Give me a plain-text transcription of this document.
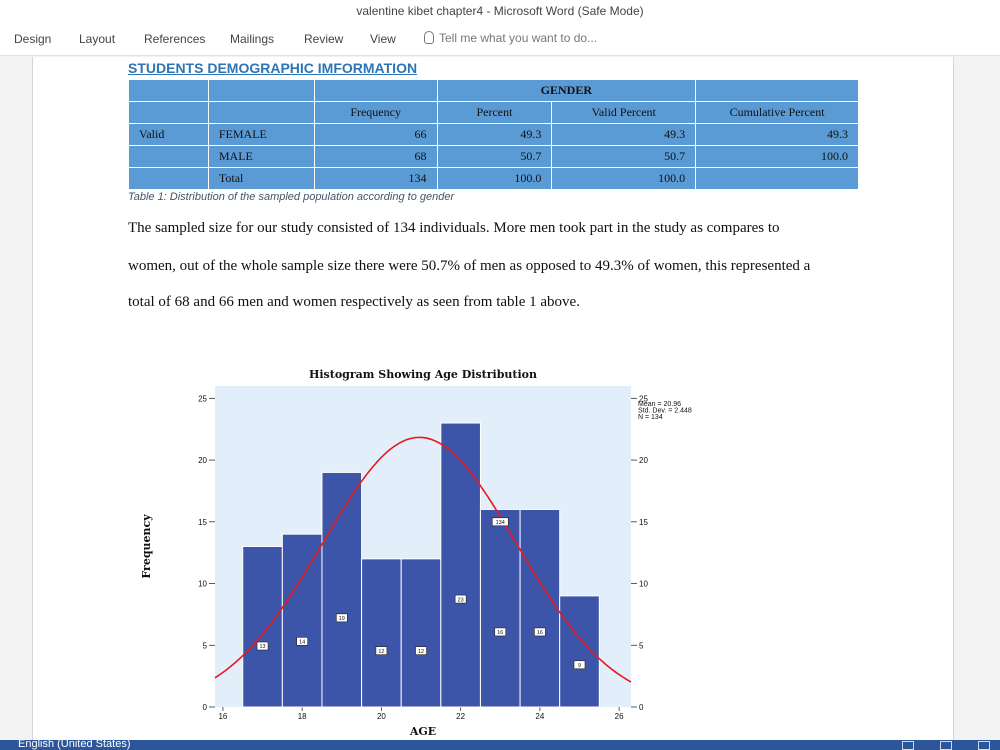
valentine kibet chapter4 - Microsoft Word (Safe Mode)
Design Layout References Mailings Review View	Tell me what you want to do...
STUDENTS DEMOGRAPHIC IMFORMATION
			GENDER		
		Frequency	Percent	Valid Percent	Cumulative Percent
Valid	FEMALE	66	49.3	49.3	49.3
	MALE	68	50.7	50.7	100.0
	Total	134	100.0	100.0	
Table 1: Distribution of the sampled population according to gender
The sampled size for our study consisted of 134 individuals. More men took part in the study as compares to
women, out of the whole sample size there were 50.7% of men as opposed to 49.3% of women, this represented a
total of 68 and 66 men and women respectively as seen from table 1 above.
Histogram Showing Age Distribution
0	0
5	5
10	10
15	15
20	20
25	25
16	18	20	22	24	26
13
14
19
12	12
23
16	16
9
134
AGE
Frequency
Mean = 20.96
Std. Dev. = 2.448
N = 134
English (United States)
